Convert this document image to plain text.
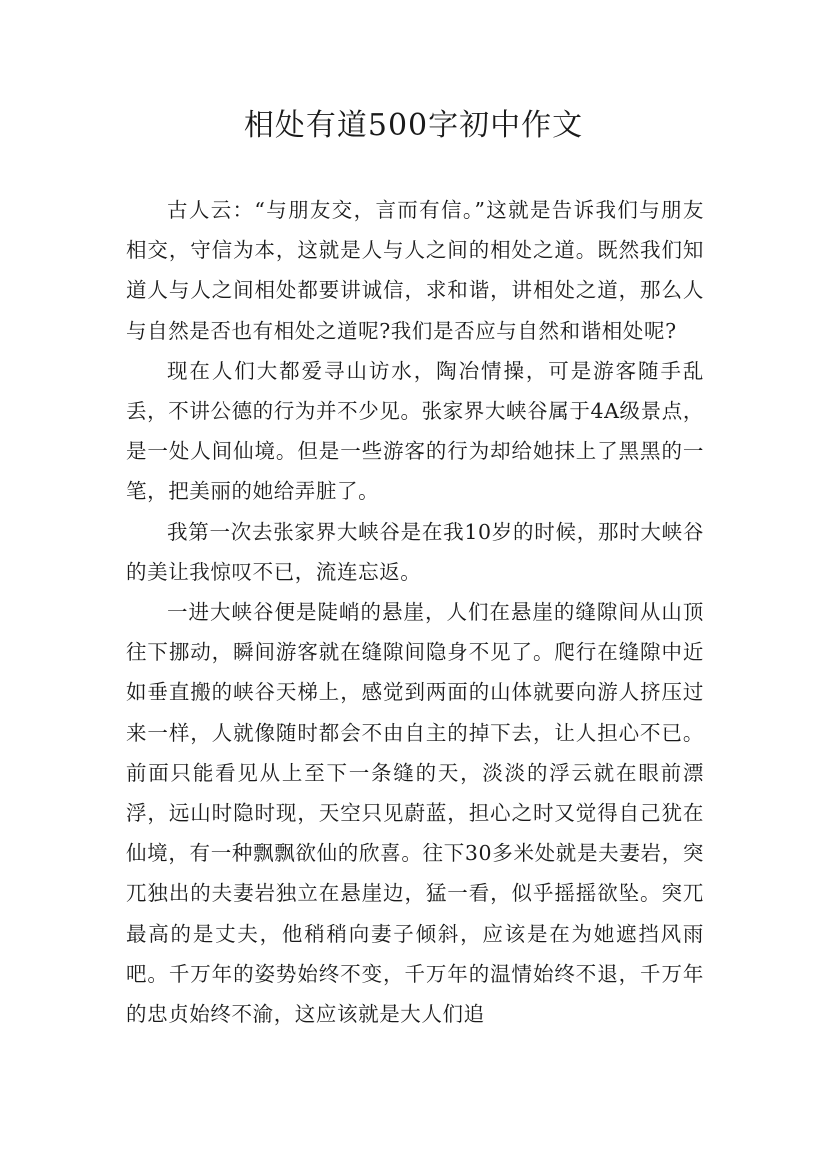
相处有道500字初中作文

古人云：“与朋友交，言而有信。”这就是告诉我们与朋友相交，守信为本，这就是人与人之间的相处之道。既然我们知道人与人之间相处都要讲诚信，求和谐，讲相处之道，那么人与自然是否也有相处之道呢?我们是否应与自然和谐相处呢?

现在人们大都爱寻山访水，陶冶情操，可是游客随手乱丢，不讲公德的行为并不少见。张家界大峡谷属于4A级景点，是一处人间仙境。但是一些游客的行为却给她抹上了黑黑的一笔，把美丽的她给弄脏了。

我第一次去张家界大峡谷是在我10岁的时候，那时大峡谷的美让我惊叹不已，流连忘返。

一进大峡谷便是陡峭的悬崖，人们在悬崖的缝隙间从山顶往下挪动，瞬间游客就在缝隙间隐身不见了。爬行在缝隙中近如垂直搬的峡谷天梯上，感觉到两面的山体就要向游人挤压过来一样，人就像随时都会不由自主的掉下去，让人担心不已。前面只能看见从上至下一条缝的天，淡淡的浮云就在眼前漂浮，远山时隐时现，天空只见蔚蓝，担心之时又觉得自己犹在仙境，有一种飘飘欲仙的欣喜。往下30多米处就是夫妻岩，突兀独出的夫妻岩独立在悬崖边，猛一看，似乎摇摇欲坠。突兀最高的是丈夫，他稍稍向妻子倾斜，应该是在为她遮挡风雨吧。千万年的姿势始终不变，千万年的温情始终不退，千万年的忠贞始终不渝，这应该就是大人们追
